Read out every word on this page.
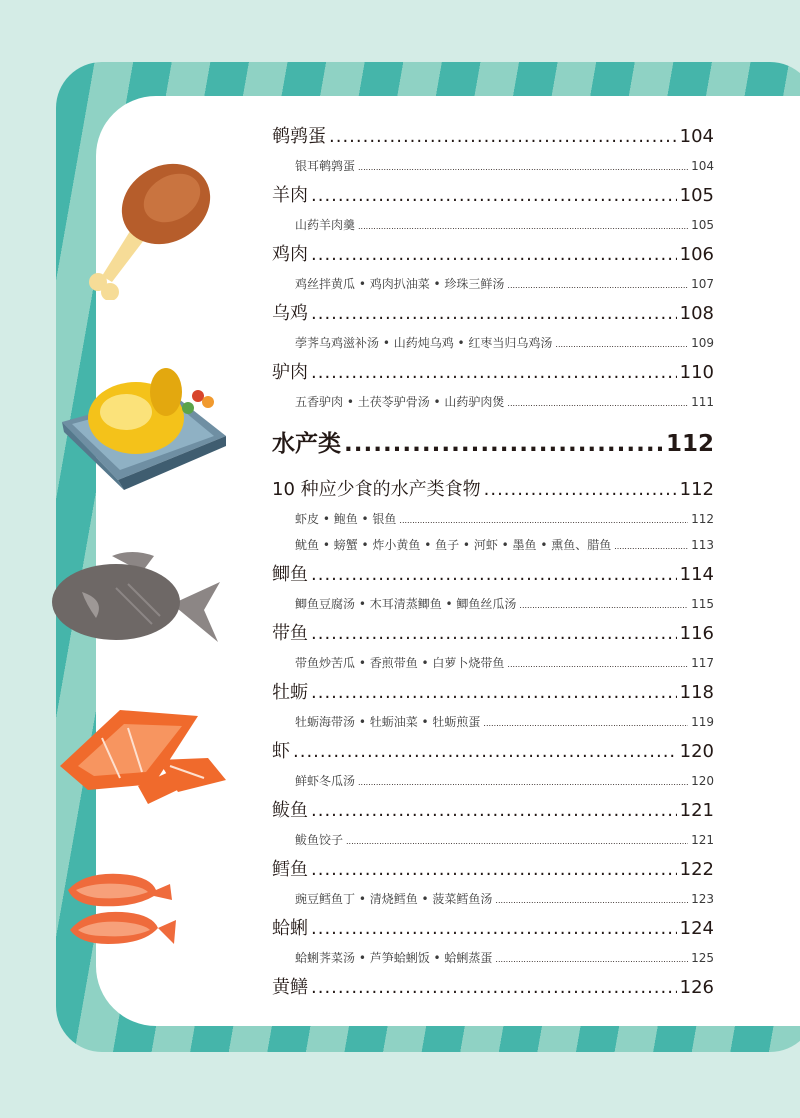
鹌鹑蛋 .....	104
银耳鹌鹑蛋 .....	104
羊肉 .....	105
山药羊肉羹 .....	105
鸡肉 .....	106
鸡丝拌黄瓜 • 鸡肉扒油菜 • 珍珠三鲜汤 .....	107
乌鸡 .....	108
荸荠乌鸡滋补汤 • 山药炖乌鸡 • 红枣当归乌鸡汤 .....	109
驴肉 .....	110
五香驴肉 • 土茯苓驴骨汤 • 山药驴肉煲 .....	111
水产类 .....	112
10 种应少食的水产类食物 .....	112
虾皮 • 鲍鱼 • 银鱼 .....	112
鱿鱼 • 螃蟹 • 炸小黄鱼 • 鱼子 • 河虾 • 墨鱼 • 熏鱼、腊鱼 .....	113
鲫鱼 .....	114
鲫鱼豆腐汤 • 木耳清蒸鲫鱼 • 鲫鱼丝瓜汤 .....	115
带鱼 .....	116
带鱼炒苦瓜 • 香煎带鱼 • 白萝卜烧带鱼 .....	117
牡蛎 .....	118
牡蛎海带汤 • 牡蛎油菜 • 牡蛎煎蛋 .....	119
虾 .....	120
鲜虾冬瓜汤 .....	120
鲅鱼 .....	121
鲅鱼饺子 .....	121
鳕鱼 .....	122
豌豆鳕鱼丁 • 清烧鳕鱼 • 菠菜鳕鱼汤 .....	123
蛤蜊 .....	124
蛤蜊荠菜汤 • 芦笋蛤蜊饭 • 蛤蜊蒸蛋 .....	125
黄鳝 .....	126
